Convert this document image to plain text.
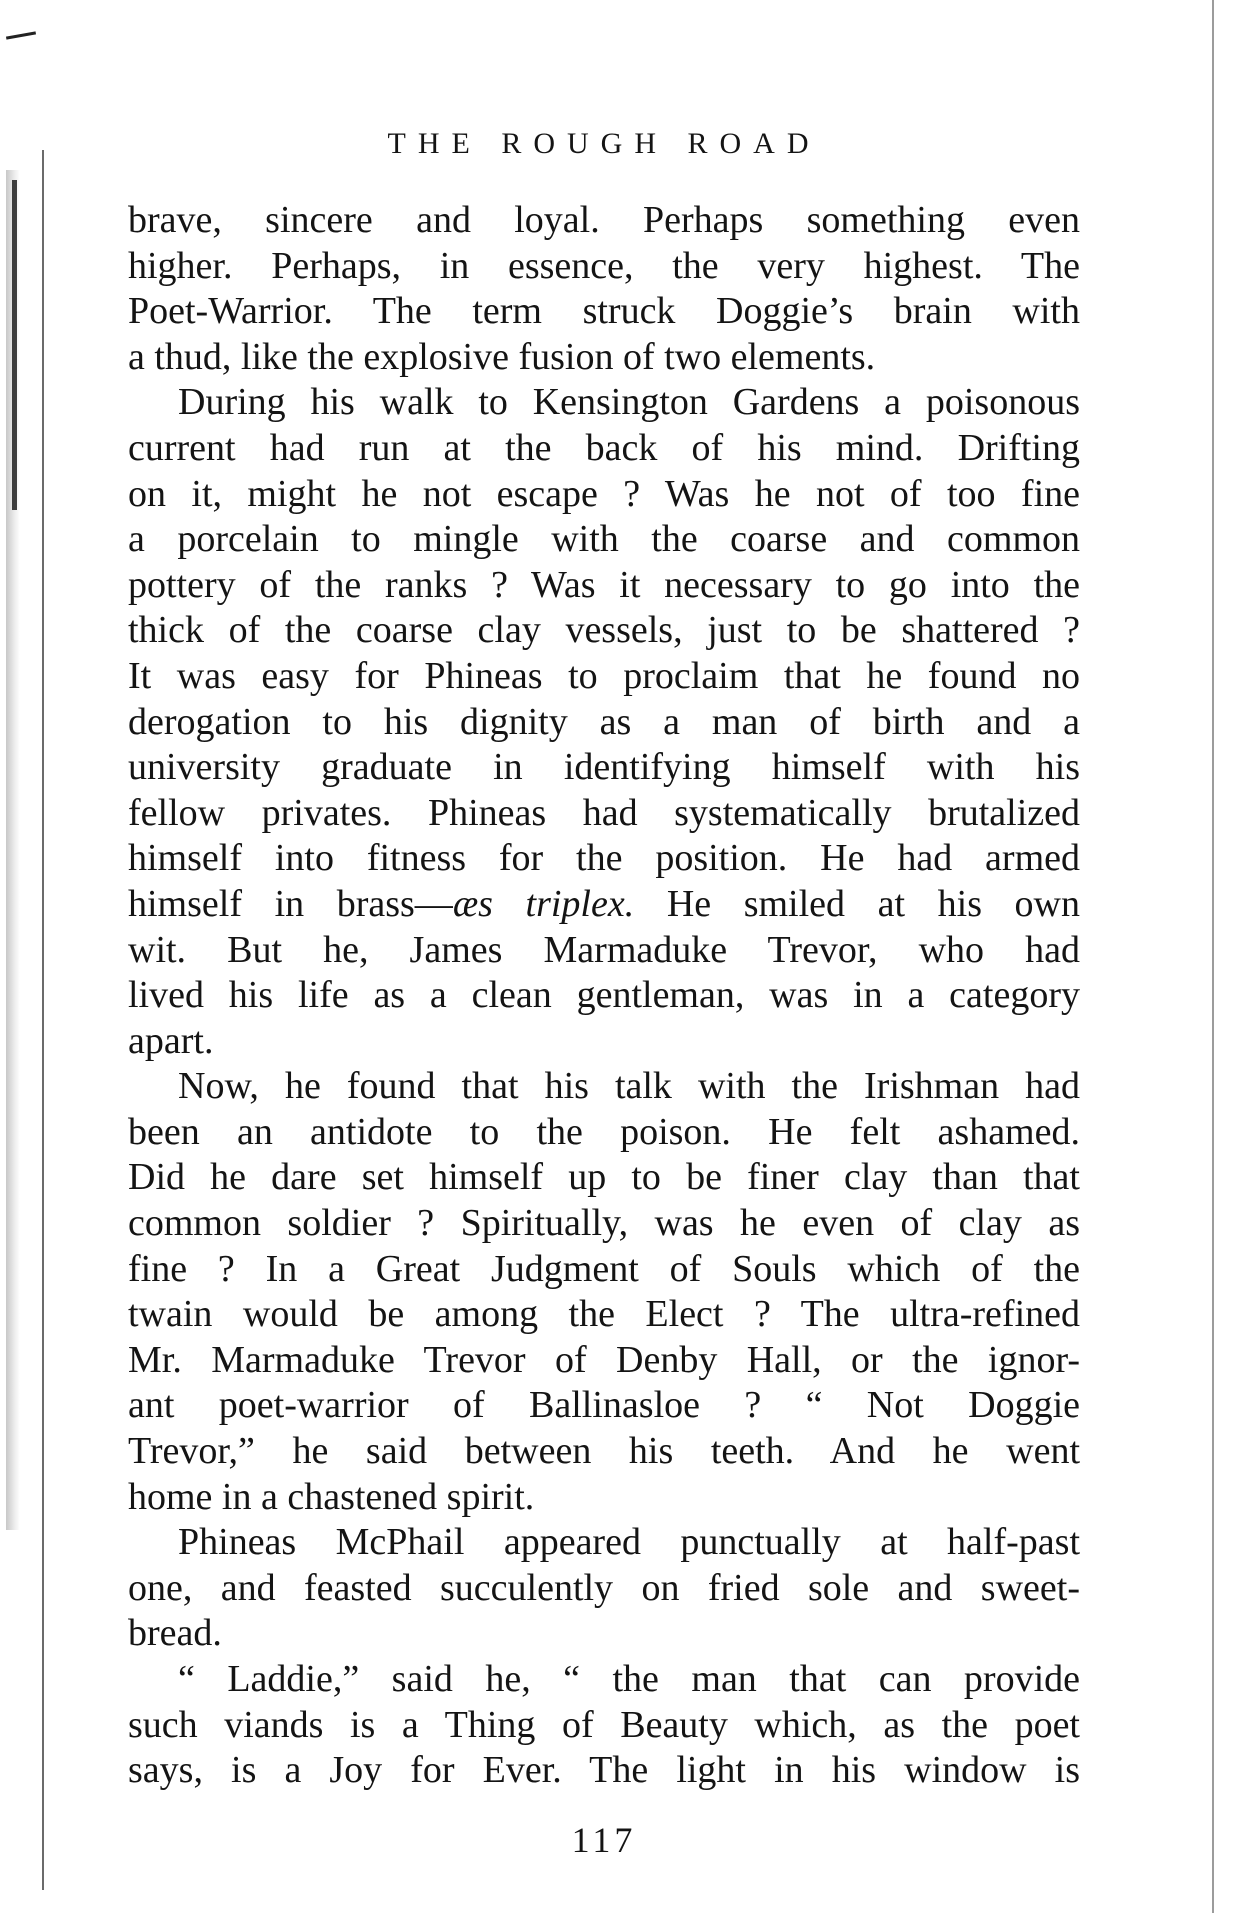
THE ROUGH ROAD
brave, sincere and loyal. Perhaps something even
higher. Perhaps, in essence, the very highest. The
Poet-Warrior. The term struck Doggie’s brain with
a thud, like the explosive fusion of two elements.
During his walk to Kensington Gardens a poisonous
current had run at the back of his mind. Drifting
on it, might he not escape ? Was he not of too fine
a porcelain to mingle with the coarse and common
pottery of the ranks ? Was it necessary to go into the
thick of the coarse clay vessels, just to be shattered ?
It was easy for Phineas to proclaim that he found no
derogation to his dignity as a man of birth and a
university graduate in identifying himself with his
fellow privates. Phineas had systematically brutalized
himself into fitness for the position. He had armed
himself in brass—æs triplex. He smiled at his own
wit. But he, James Marmaduke Trevor, who had
lived his life as a clean gentleman, was in a category
apart.
Now, he found that his talk with the Irishman had
been an antidote to the poison. He felt ashamed.
Did he dare set himself up to be finer clay than that
common soldier ? Spiritually, was he even of clay as
fine ? In a Great Judgment of Souls which of the
twain would be among the Elect ? The ultra-refined
Mr. Marmaduke Trevor of Denby Hall, or the ignor-
ant poet-warrior of Ballinasloe ? “ Not Doggie
Trevor,” he said between his teeth. And he went
home in a chastened spirit.
Phineas McPhail appeared punctually at half-past
one, and feasted succulently on fried sole and sweet-
bread.
“ Laddie,” said he, “ the man that can provide
such viands is a Thing of Beauty which, as the poet
says, is a Joy for Ever. The light in his window is
117
